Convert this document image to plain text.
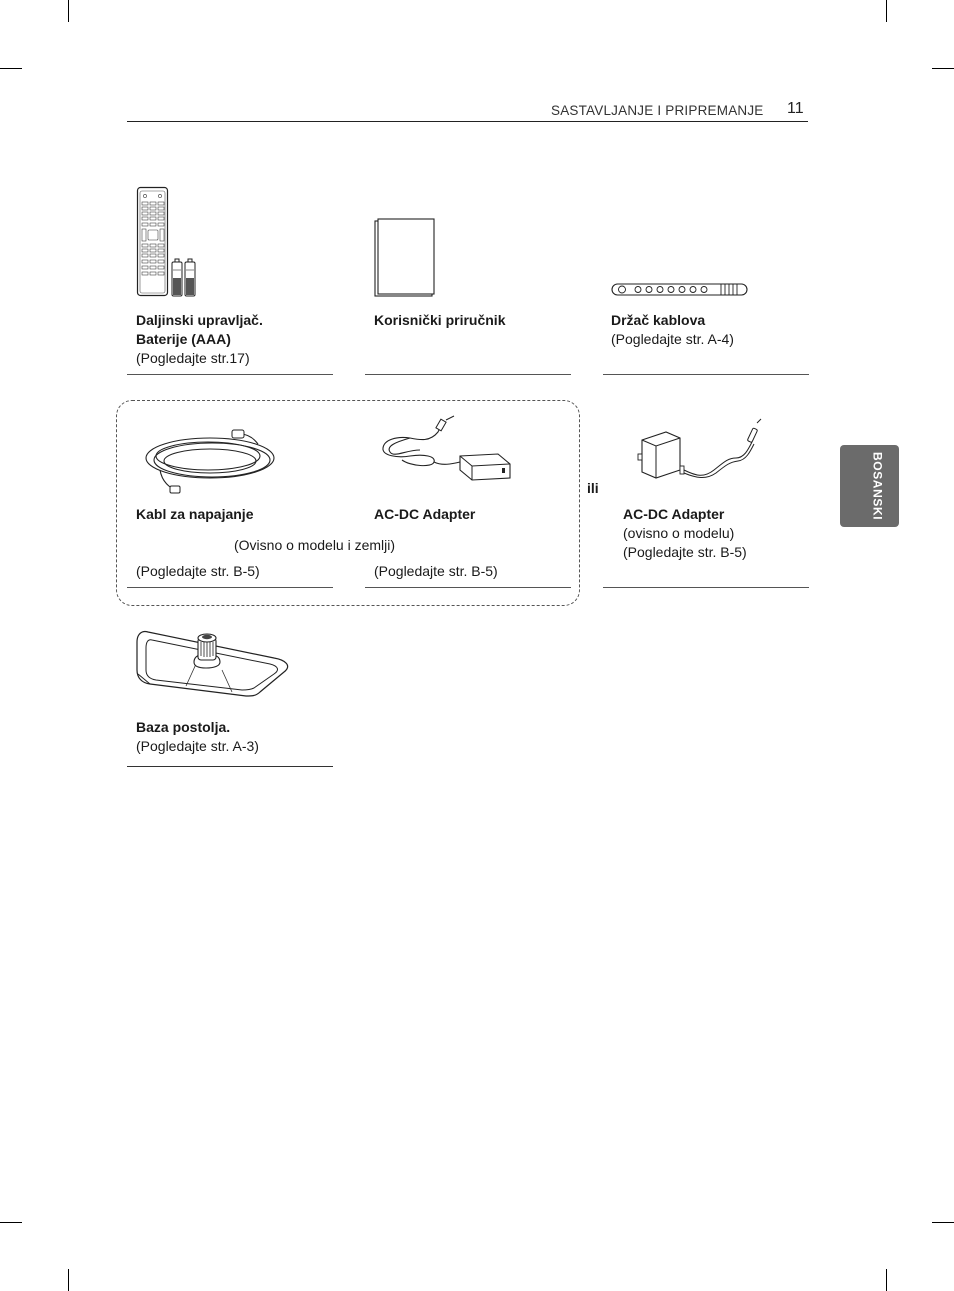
SASTAVLJANJE I PRIPREMANJE 11
BOSANSKI
Daljinski upravljač.
Baterije (AAA)
(Pogledajte str.17)
Korisnički priručnik	Držač kablova
(Pogledajte str. A-4)
Kabl za napajanje
(Ovisno o modelu i zemlji)
(Pogledajte str. B-5)
AC-DC Adapter
(Pogledajte str. B-5)
ili
AC-DC Adapter
(ovisno o modelu)
(Pogledajte str. B-5)
Baza postolja.
(Pogledajte str. A-3)
